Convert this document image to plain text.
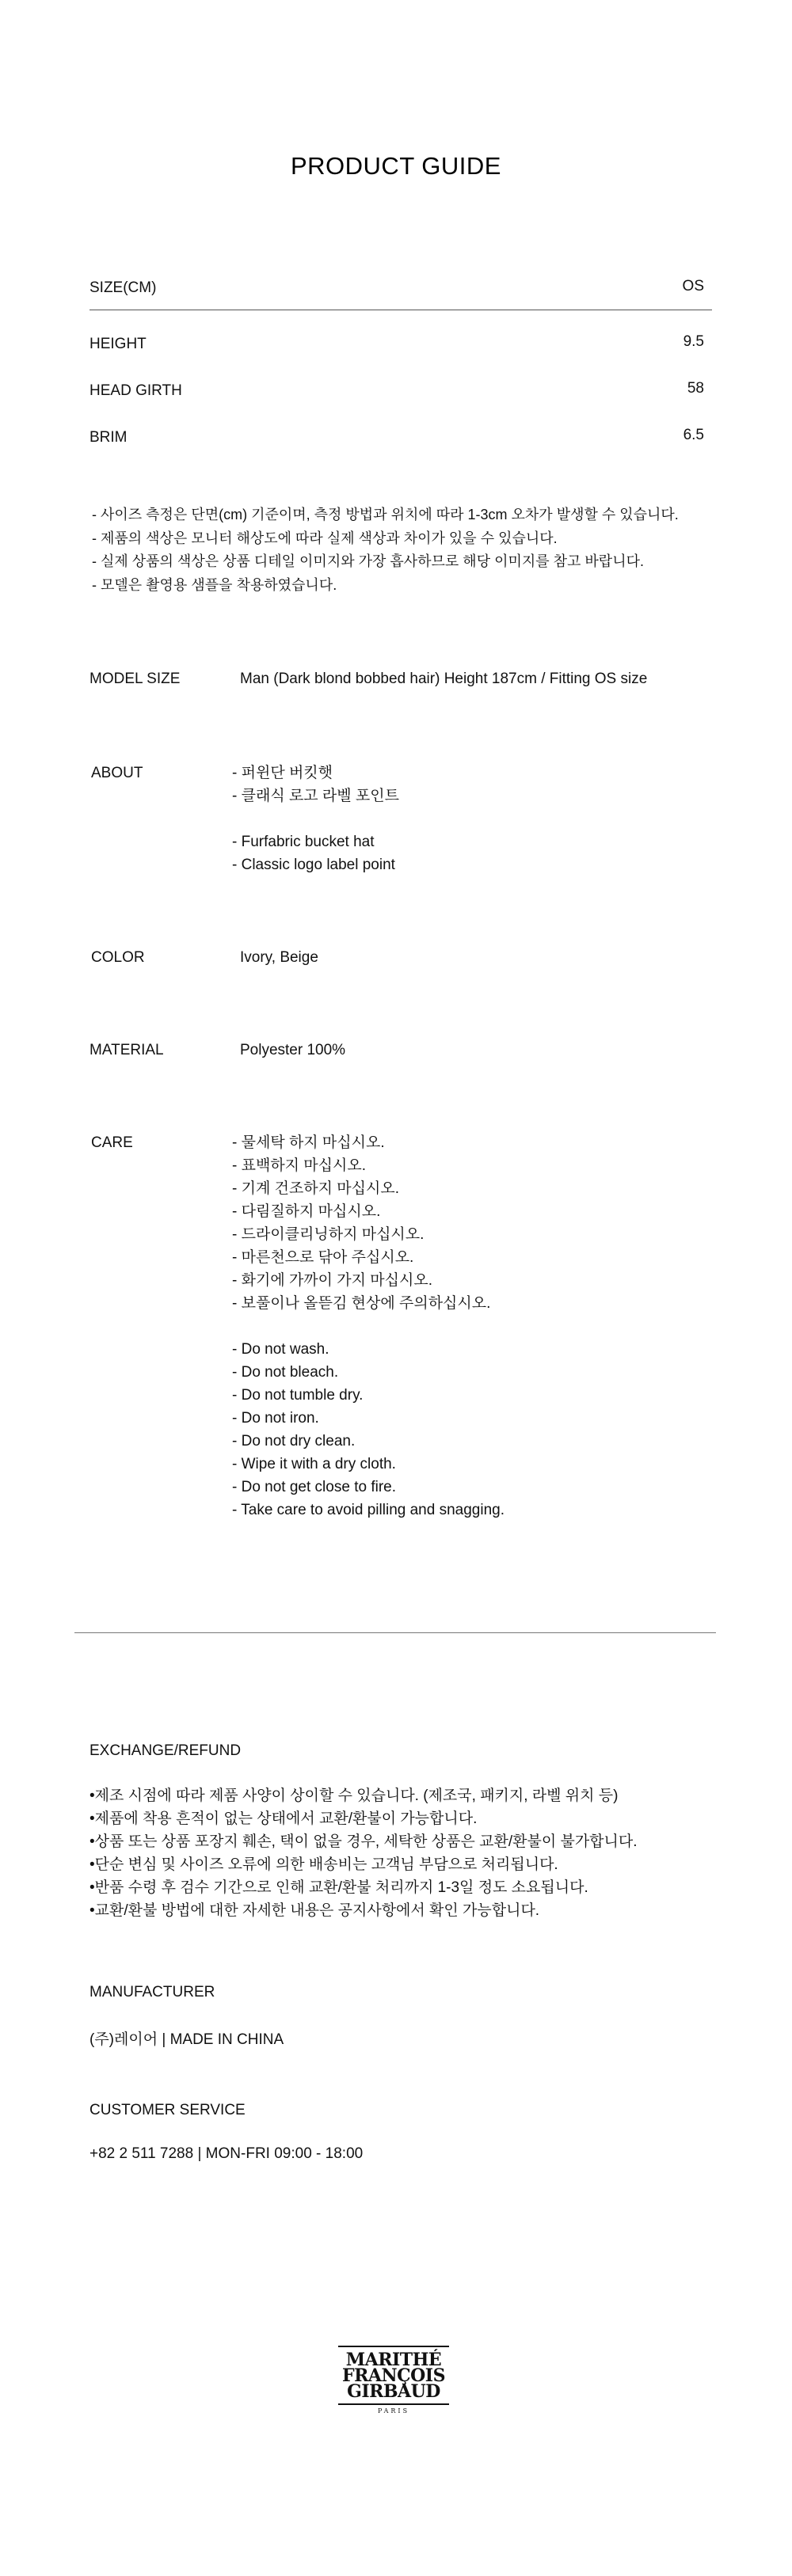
PRODUCT GUIDE
SIZE(CM)	OS
HEIGHT	9.5
HEAD GIRTH	58
BRIM	6.5
- 사이즈 측정은 단면(cm) 기준이며, 측정 방법과 위치에 따라 1-3cm 오차가 발생할 수 있습니다.
- 제품의 색상은 모니터 해상도에 따라 실제 색상과 차이가 있을 수 있습니다.
- 실제 상품의 색상은 상품 디테일 이미지와 가장 흡사하므로 해당 이미지를 참고 바랍니다.
- 모델은 촬영용 샘플을 착용하였습니다.
MODEL SIZE	Man (Dark blond bobbed hair) Height 187cm / Fitting OS size
ABOUT	- 퍼윈단 버킷햇
- 클래식 로고 라벨 포인트
- Furfabric bucket hat
- Classic logo label point
COLOR	Ivory, Beige
MATERIAL	Polyester 100%
CARE	- 물세탁 하지 마십시오.
- 표백하지 마십시오.
- 기계 건조하지 마십시오.
- 다림질하지 마십시오.
- 드라이클리닝하지 마십시오.
- 마른천으로 닦아 주십시오.
- 화기에 가까이 가지 마십시오.
- 보풀이나 올뜯김 현상에 주의하십시오.
- Do not wash.
- Do not bleach.
- Do not tumble dry.
- Do not iron.
- Do not dry clean.
- Wipe it with a dry cloth.
- Do not get close to fire.
- Take care to avoid pilling and snagging.
EXCHANGE/REFUND
•제조 시점에 따라 제품 사양이 상이할 수 있습니다. (제조국, 패키지, 라벨 위치 등)
•제품에 착용 흔적이 없는 상태에서 교환/환불이 가능합니다.
•상품 또는 상품 포장지 훼손, 택이 없을 경우, 세탁한 상품은 교환/환불이 불가합니다.
•단순 변심 및 사이즈 오류에 의한 배송비는 고객님 부담으로 처리됩니다.
•반품 수령 후 검수 기간으로 인해 교환/환불 처리까지 1-3일 정도 소요됩니다.
•교환/환불 방법에 대한 자세한 내용은 공지사항에서 확인 가능합니다.
MANUFACTURER
(주)레이어 | MADE IN CHINA
CUSTOMER SERVICE
+82 2 511 7288 | MON-FRI 09:00 - 18:00
MARITHÉ
FRANÇOIS
GIRBAUD
PARIS
